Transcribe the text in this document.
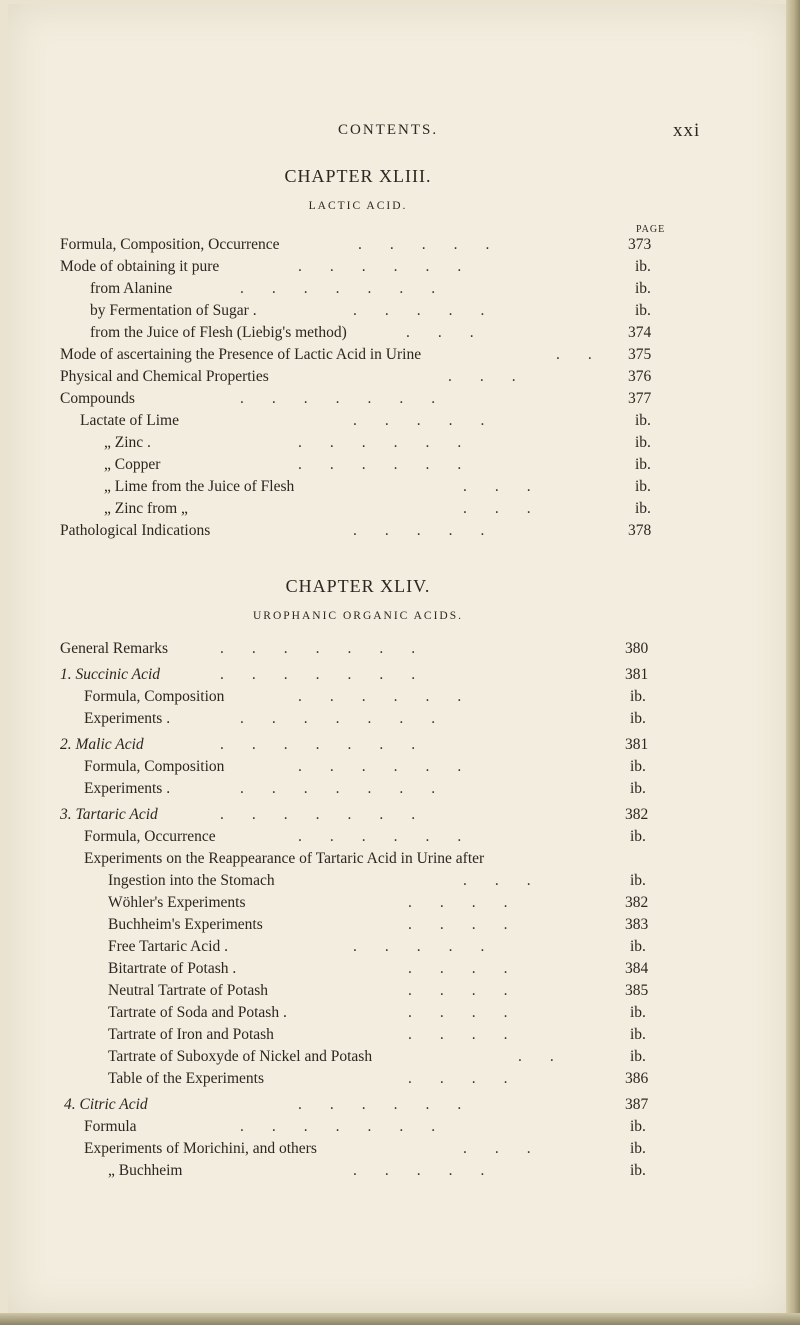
CONTENTS.	xxi
CHAPTER XLIII.
LACTIC ACID.
PAGE
Formula, Composition, Occurrence	.....	373
Mode of obtaining it pure	......	ib.
from Alanine	.......	ib.
by Fermentation of Sugar .	.....	ib.
from the Juice of Flesh (Liebig's method)	...	374
Mode of ascertaining the Presence of Lactic Acid in Urine	.. 375
Physical and Chemical Properties	...	376
Compounds	.......	377
Lactate of Lime	.....	ib.
„ Zinc .	......	ib.
„ Copper	......	ib.
„ Lime from the Juice of Flesh	...	ib.
„ Zinc from „	...	ib.
Pathological Indications	.....	378
CHAPTER XLIV.
UROPHANIC ORGANIC ACIDS.
General Remarks	.......	380
1. Succinic Acid	.......	381
Formula, Composition	......	ib.
Experiments .	.......	ib.
2. Malic Acid	.......	381
Formula, Composition	......	ib.
Experiments .	.......	ib.
3. Tartaric Acid	.......	382
Formula, Occurrence	......	ib.
Experiments on the Reappearance of Tartaric Acid in Urine after
Ingestion into the Stomach	...	ib.
Wöhler's Experiments	....	382
Buchheim's Experiments	....	383
Free Tartaric Acid .	.....	ib.
Bitartrate of Potash .	....	384
Neutral Tartrate of Potash	....	385
Tartrate of Soda and Potash .	....	ib.
Tartrate of Iron and Potash	....	ib.
Tartrate of Suboxyde of Nickel and Potash	..	ib.
Table of the Experiments	....	386
4. Citric Acid	......	387
Formula	.......	ib.
Experiments of Morichini, and others	...	ib.
„ Buchheim	.....	ib.
